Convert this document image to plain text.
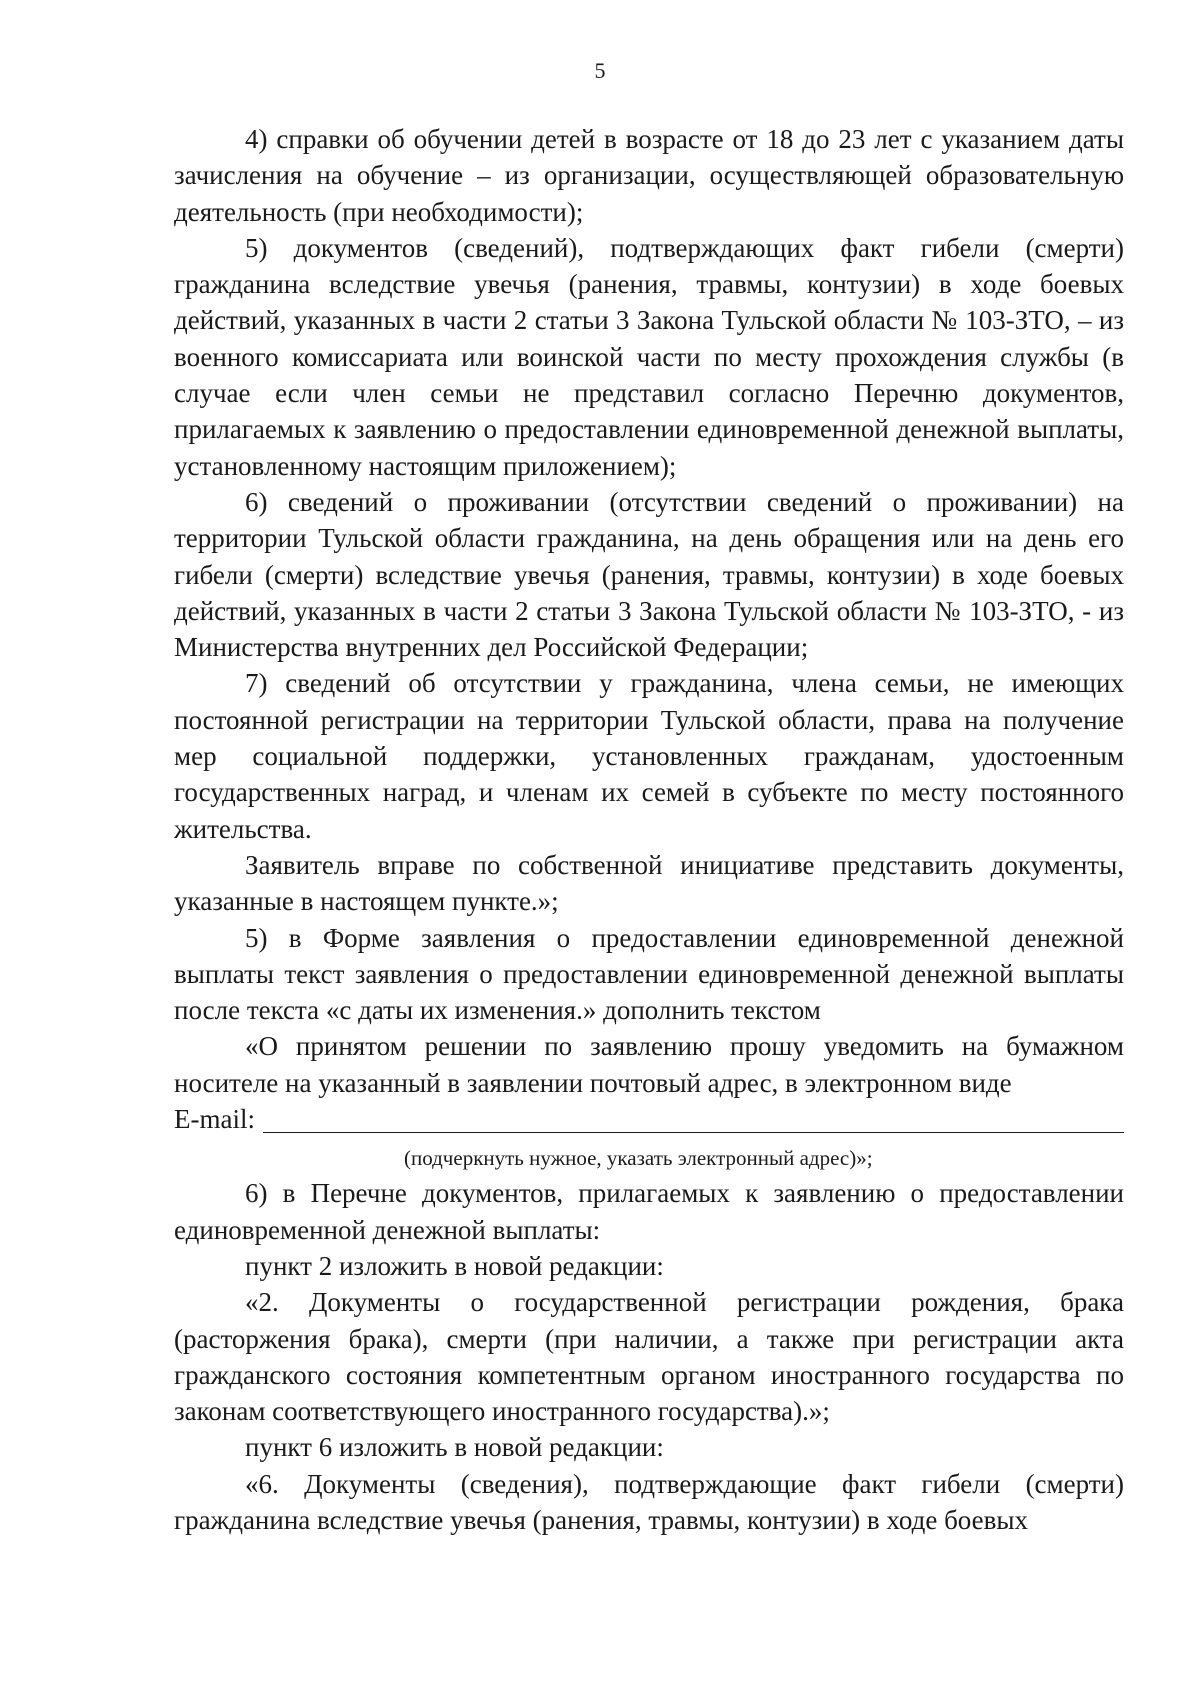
5

4) справки об обучении детей в возрасте от 18 до 23 лет с указанием даты зачисления на обучение – из организации, осуществляющей образовательную деятельность (при необходимости);

5) документов (сведений), подтверждающих факт гибели (смерти) гражданина вследствие увечья (ранения, травмы, контузии) в ходе боевых действий, указанных в части 2 статьи 3 Закона Тульской области № 103-ЗТО, – из военного комиссариата или воинской части по месту прохождения службы (в случае если член семьи не представил согласно Перечню документов, прилагаемых к заявлению о предоставлении единовременной денежной выплаты, установленному настоящим приложением);

6) сведений о проживании (отсутствии сведений о проживании) на территории Тульской области гражданина, на день обращения или на день его гибели (смерти) вследствие увечья (ранения, травмы, контузии) в ходе боевых действий, указанных в части 2 статьи 3 Закона Тульской области № 103-ЗТО, - из Министерства внутренних дел Российской Федерации;

7) сведений об отсутствии у гражданина, члена семьи, не имеющих постоянной регистрации на территории Тульской области, права на получение мер социальной поддержки, установленных гражданам, удостоенным государственных наград, и членам их семей в субъекте по месту постоянного жительства.

Заявитель вправе по собственной инициативе представить документы, указанные в настоящем пункте.»;

5) в Форме заявления о предоставлении единовременной денежной выплаты текст заявления о предоставлении единовременной денежной выплаты после текста «с даты их изменения.» дополнить текстом

«О принятом решении по заявлению прошу уведомить на бумажном носителе на указанный в заявлении почтовый адрес, в электронном виде

E-mail:
(подчеркнуть нужное, указать электронный адрес)»;

6) в Перечне документов, прилагаемых к заявлению о предоставлении единовременной денежной выплаты:

пункт 2 изложить в новой редакции:

«2. Документы о государственной регистрации рождения, брака (расторжения брака), смерти (при наличии, а также при регистрации акта гражданского состояния компетентным органом иностранного государства по законам соответствующего иностранного государства).»;

пункт 6 изложить в новой редакции:

«6. Документы (сведения), подтверждающие факт гибели (смерти) гражданина вследствие увечья (ранения, травмы, контузии) в ходе боевых
